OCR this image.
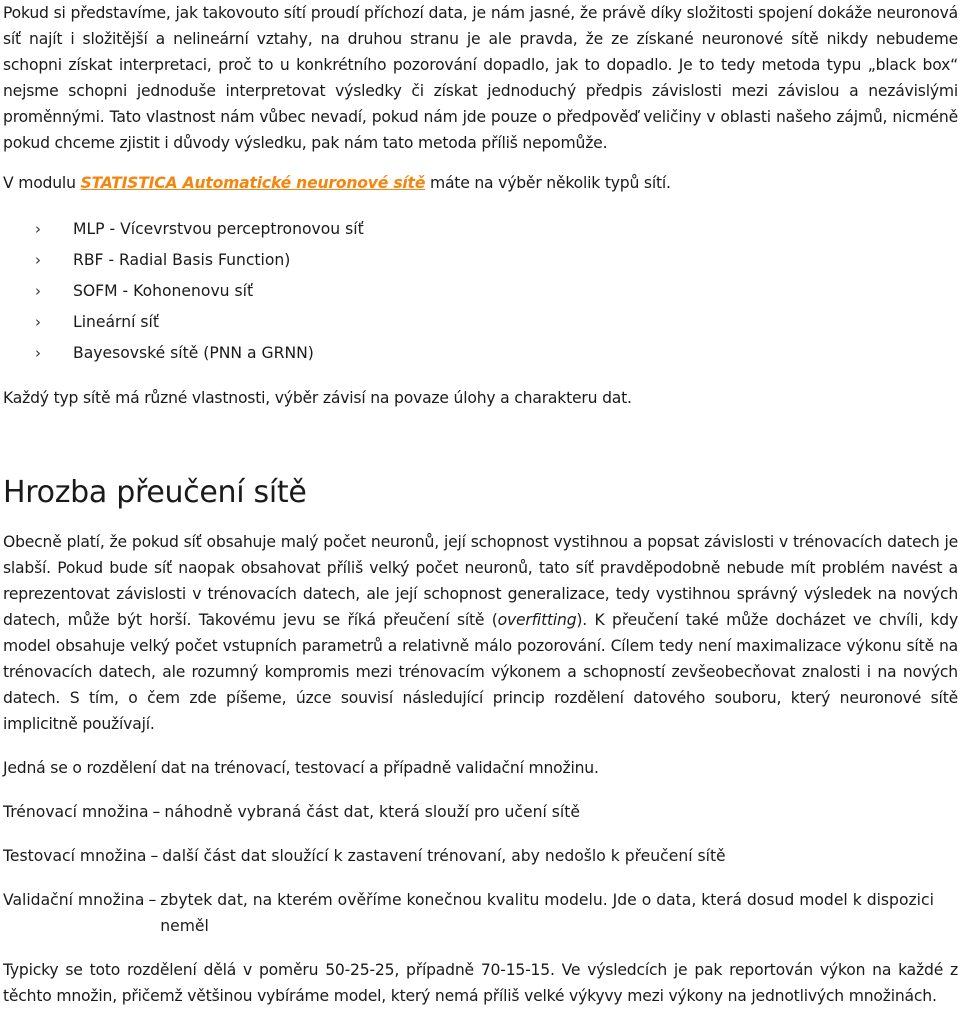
Pokud si představíme, jak takovouto sítí proudí příchozí data, je nám jasné, že právě díky složitosti spojení dokáže neuronová síť najít i složitější a nelineární vztahy, na druhou stranu je ale pravda, že ze získané neuronové sítě nikdy nebudeme schopni získat interpretaci, proč to u konkrétního pozorování dopadlo, jak to dopadlo. Je to tedy metoda typu „black box“ nejsme schopni jednoduše interpretovat výsledky či získat jednoduchý předpis závislosti mezi závislou a nezávislými proměnnými. Tato vlastnost nám vůbec nevadí, pokud nám jde pouze o předpověď veličiny v oblasti našeho zájmů, nicméně pokud chceme zjistit i důvody výsledku, pak nám tato metoda příliš nepomůže.

V modulu STATISTICA Automatické neuronové sítě máte na výběr několik typů sítí.

›	MLP - Vícevrstvou perceptronovou síť
›	RBF - Radial Basis Function)
›	SOFM - Kohonenovu síť
›	Lineární síť
›	Bayesovské sítě (PNN a GRNN)

Každý typ sítě má různé vlastnosti, výběr závisí na povaze úlohy a charakteru dat.

Hrozba přeučení sítě

Obecně platí, že pokud síť obsahuje malý počet neuronů, její schopnost vystihnou a popsat závislosti v trénovacích datech je slabší. Pokud bude síť naopak obsahovat příliš velký počet neuronů, tato síť pravděpodobně nebude mít problém navést a reprezentovat závislosti v trénovacích datech, ale její schopnost generalizace, tedy vystihnou správný výsledek na nových datech, může být horší. Takovému jevu se říká přeučení sítě (overfitting). K přeučení také může docházet ve chvíli, kdy model obsahuje velký počet vstupních parametrů a relativně málo pozorování. Cílem tedy není maximalizace výkonu sítě na trénovacích datech, ale rozumný kompromis mezi trénovacím výkonem a schopností zevšeobecňovat znalosti i na nových datech. S tím, o čem zde píšeme, úzce souvisí následující princip rozdělení datového souboru, který neuronové sítě implicitně používají.

Jedná se o rozdělení dat na trénovací, testovací a případně validační množinu.

Trénovací množina – náhodně vybraná část dat, která slouží pro učení sítě
Testovací množina – další část dat sloužící k zastavení trénovaní, aby nedošlo k přeučení sítě
Validační množina – zbytek dat, na kterém ověříme konečnou kvalitu modelu. Jde o data, která dosud model k dispozici neměl

Typicky se toto rozdělení dělá v poměru 50-25-25, případně 70-15-15. Ve výsledcích je pak reportován výkon na každé z těchto množin, přičemž většinou vybíráme model, který nemá příliš velké výkyvy mezi výkony na jednotlivých množinách.
